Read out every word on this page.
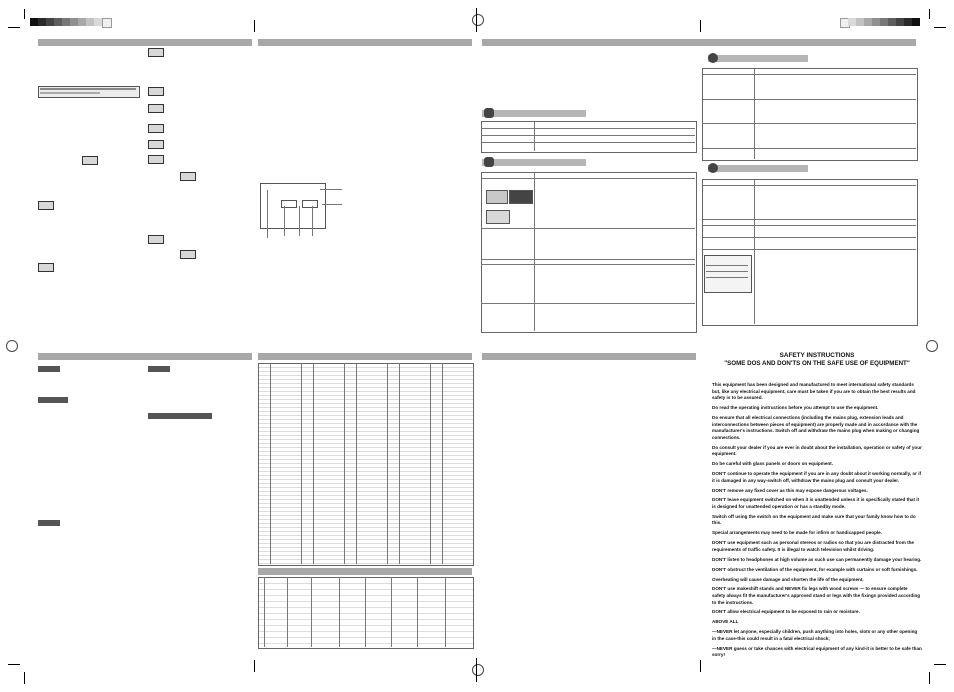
SAFETY INSTRUCTIONS
"SOME DOS AND DON'TS ON THE SAFE USE OF EQUIPMENT"

This equipment has been designed and manufactured to meet international safety standards but, like any electrical equipment, care must be taken if you are to obtain the best results and safety is to be assured.

Do read the operating instructions before you attempt to use the equipment.

Do ensure that all electrical connections (including the mains plug, extension leads and interconnections between pieces of equipment) are properly made and in accordance with the manufacturer's instructions. Switch off and withdraw the mains plug when making or changing connections.

Do consult your dealer if you are ever in doubt about the installation, operation or safety of your equipment.

Do be careful with glass panels or doors on equipment.

DON'T continue to operate the equipment if you are in any doubt about it working normally, or if it is damaged in any way-switch off, withdraw the mains plug and consult your dealer.

DON'T remove any fixed cover as this may expose dangerous voltages.

DON'T leave equipment switched on when it is unattended unless it is specifically stated that it is designed for unattended operation or has a standby mode.

Switch off using the switch on the equipment and make sure that your family know how to do this.

Special arrangements may need to be made for infirm or handicapped people.

DON'T use equipment such as personal stereos or radios so that you are distracted from the requirements of traffic safety. It is illegal to watch television whilst driving.

DON'T listen to headphones at high volume as such use can permanently damage your hearing.

DON'T obstruct the ventilation of the equipment, for example with curtains or soft furnishings.

Overheating will cause damage and shorten the life of the equipment.

DON'T use makeshift stands and NEVER fix legs with wood screws — to ensure complete safety always fit the manufacturer's approved stand or legs with the fixings provided according to the instructions.

DON'T allow electrical equipment to be exposed to rain or moisture.

ABOVE ALL

—NEVER let anyone, especially children, push anything into holes, slots or any other opening in the case-this could result in a fatal electrical shock;
—NEVER guess or take chances with electrical equipment of any kind-it is better to be safe than sorry!
